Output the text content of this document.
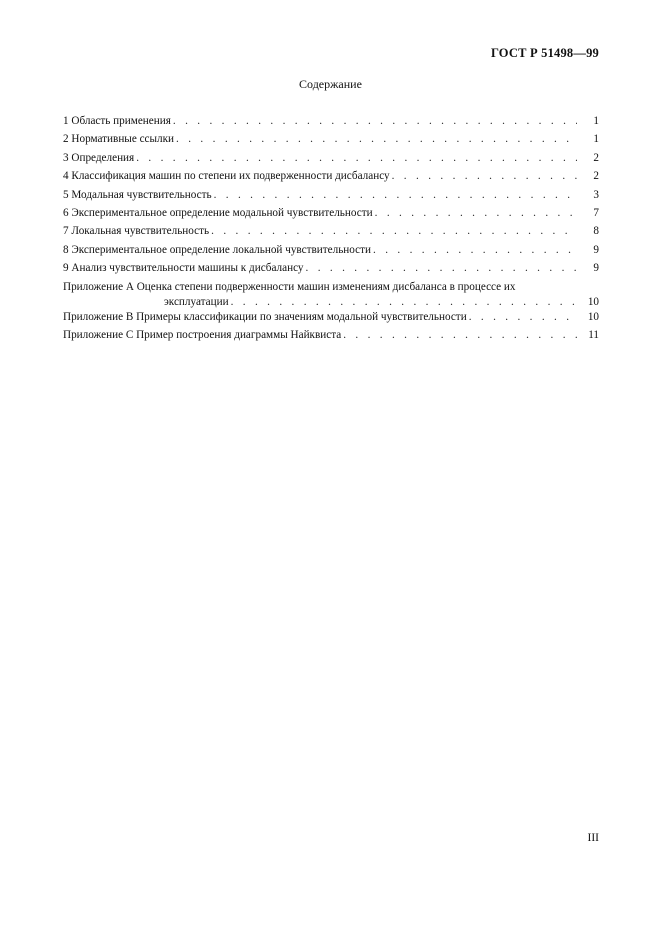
ГОСТ Р 51498—99
Содержание
1 Область применения . . .	1
2 Нормативные ссылки . . .	1
3 Определения . . .	2
4 Классификация машин по степени их подверженности дисбалансу . . .	2
5 Модальная чувствительность . . .	3
6 Экспериментальное определение модальной чувствительности . . .	7
7 Локальная чувствительность . . .	8
8 Экспериментальное определение локальной чувствительности . . .	9
9 Анализ чувствительности машины к дисбалансу . . .	9
Приложение А Оценка степени подверженности машин изменениям дисбаланса в процессе их
эксплуатации . . .	10
Приложение В Примеры классификации по значениям модальной чувствительности . . .	10
Приложение С Пример построения диаграммы Найквиста . . .	11
III
